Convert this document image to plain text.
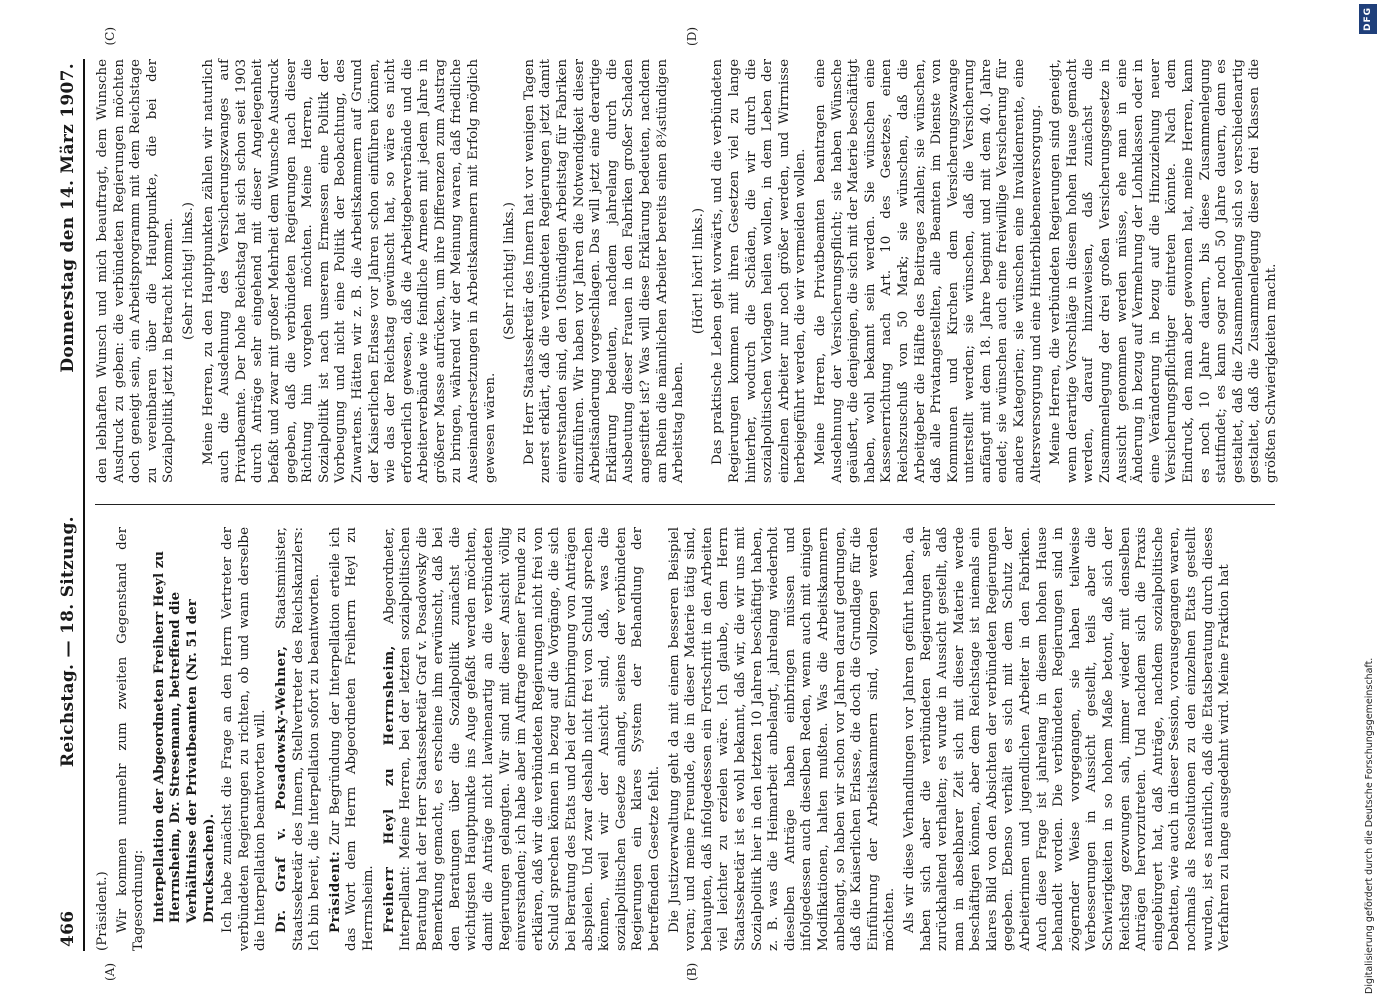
466
Reichstag. — 18. Sitzung.
Donnerstag den 14. März 1907.
(A)	(B)
(C)	(D)

(Präsident.) Wir kommen nunmehr zum zweiten Gegenstand der Tagesordnung: Interpellation der Abgeordneten Freiherr Heyl zu Herrnsheim, Dr. Stresemann, betreffend die Verhältnisse der Privatbeamten (Nr. 51 der Drucksachen). Ich habe zunächst die Frage an den Herrn Vertreter der verbündeten Regierungen zu richten, ob und wann derselbe die Interpellation beantworten will. Dr. Graf v. Posadowsky-Wehner, Staatsminister, Staatssekretär des Innern, Stellvertreter des Reichskanzlers: Ich bin bereit, die Interpellation sofort zu beantworten. Präsident: Zur Begründung der Interpellation erteile ich das Wort dem Herrn Abgeordneten Freiherrn Heyl zu Herrnsheim. Freiherr Heyl zu Herrnsheim, Abgeordneter, Interpellant: Meine Herren, bei der letzten sozialpolitischen Beratung hat der Herr Staatssekretär Graf v. Posadowsky die Bemerkung gemacht, es erscheine ihm erwünscht, daß bei den Beratungen über die Sozialpolitik zunächst die wichtigsten Hauptpunkte ins Auge gefaßt werden möchten, damit die Anträge nicht lawinenartig an die verbündeten Regierungen gelangten. Wir sind mit dieser Ansicht völlig einverstanden; ich habe aber im Auftrage meiner Freunde zu erklären, daß wir die verbündeten Regierungen nicht frei von Schuld sprechen können in bezug auf die Vorgänge, die sich bei Beratung des Etats und bei der Einbringung von Anträgen abspielen. Und zwar deshalb nicht frei von Schuld sprechen können, weil wir der Ansicht sind, daß, was die sozialpolitischen Gesetze anlangt, seitens der verbündeten Regierungen ein klares System der Behandlung der betreffenden Gesetze fehlt. Die Justizverwaltung geht da mit einem besseren Beispiel voran; und meine Freunde, die in dieser Materie tätig sind, behaupten, daß infolgedessen ein Fortschritt in den Arbeiten viel leichter zu erzielen wäre. Ich glaube, dem Herrn Staatssekretär ist es wohl bekannt, daß wir, die wir uns mit Sozialpolitik hier in den letzten 10 Jahren beschäftigt haben, z. B. was die Heimarbeit anbelangt, jahrelang wiederholt dieselben Anträge haben einbringen müssen und infolgedessen auch dieselben Reden, wenn auch mit einigen Modifikationen, halten mußten. Was die Arbeitskammern anbelangt, so haben wir schon vor Jahren darauf gedrungen, daß die Kaiserlichen Erlasse, die doch die Grundlage für die Einführung der Arbeitskammern sind, vollzogen werden möchten. Als wir diese Verhandlungen vor Jahren geführt haben, da haben sich aber die verbündeten Regierungen sehr zurückhaltend verhalten; es wurde in Aussicht gestellt, daß man in absehbarer Zeit sich mit dieser Materie werde beschäftigen können, aber dem Reichstage ist niemals ein klares Bild von den Absichten der verbündeten Regierungen gegeben. Ebenso verhält es sich mit dem Schutz der Arbeiterinnen und jugendlichen Arbeiter in den Fabriken. Auch diese Frage ist jahrelang in diesem hohen Hause behandelt worden. Die verbündeten Regierungen sind in zögernder Weise vorgegangen, sie haben teilweise Verbesserungen in Aussicht gestellt, teils aber die Schwierigkeiten in so hohem Maße betont, daß sich der Reichstag gezwungen sah, immer wieder mit denselben Anträgen hervorzutreten. Und nachdem sich die Praxis eingebürgert hat, daß Anträge, nachdem sozialpolitische Debatten, wie auch in dieser Session, vorausgegangen waren, nochmals als Resolutionen zu den einzelnen Etats gestellt wurden, ist es natürlich, daß die Etatsberatung durch dieses Verfahren zu lange ausgedehnt wird. Meine Fraktion hat

den lebhaften Wunsch und mich beauftragt, dem Wunsche Ausdruck zu geben: die verbündeten Regierungen möchten doch geneigt sein, ein Arbeitsprogramm mit dem Reichstage zu vereinbaren über die Hauptpunkte, die bei der Sozialpolitik jetzt in Betracht kommen. (Sehr richtig! links.) Meine Herren, zu den Hauptpunkten zählen wir naturlich auch die Ausdehnung des Versicherungszwanges auf Privatbeamte. Der hohe Reichstag hat sich schon seit 1903 durch Anträge sehr eingehend mit dieser Angelegenheit befaßt und zwar mit großer Mehrheit dem Wunsche Ausdruck gegeben, daß die verbündeten Regierungen nach dieser Richtung hin vorgehen möchten. Meine Herren, die Sozialpolitik ist nach unserem Ermessen eine Politik der Vorbeugung und nicht eine Politik der Beobachtung, des Zuwartens. Hätten wir z. B. die Arbeitskammern auf Grund der Kaiserlichen Erlasse vor Jahren schon einführen können, wie das der Reichstag gewünscht hat, so wäre es nicht erforderlich gewesen, daß die Arbeitgeberverbände und die Arbeiterverbände wie feindliche Armeen mit jedem Jahre in größerer Masse aufrücken, um ihre Differenzen zum Austrag zu bringen, während wir der Meinung waren, daß friedliche Auseinandersetzungen in Arbeitskammern mit Erfolg möglich gewesen wären.

(Sehr richtig! links.) Der Herr Staatssekretär des Innern hat vor wenigen Tagen zuerst erklärt, daß die verbündeten Regierungen jetzt damit einverstanden sind, den 10stündigen Arbeitstag für Fabriken einzuführen. Wir haben vor Jahren die Notwendigkeit dieser Arbeitsänderung vorgeschlagen. Das will jetzt eine derartige Erklärung bedeuten, nachdem jahrelang durch die Ausbeutung dieser Frauen in den Fabriken großer Schaden angestiftet ist? Was will diese Erklärung bedeuten, nachdem am Rhein die männlichen Arbeiter bereits einen 8¾stündigen Arbeitstag haben.

(Hört! hört! links.) Das praktische Leben geht vorwärts, und die verbündeten Regierungen kommen mit ihren Gesetzen viel zu lange hinterher, wodurch die Schäden, die wir durch die sozialpolitischen Vorlagen heilen wollen, in dem Leben der einzelnen Arbeiter nur noch größer werden, und Wirrnisse herbeigeführt werden, die wir vermeiden wollen. Meine Herren, die Privatbeamten beantragen eine Ausdehnung der Versicherungspflicht; sie haben Wünsche geäußert, die denjenigen, die sich mit der Materie beschäftigt haben, wohl bekannt sein werden. Sie wünschen eine Kassenerrichtung nach Art. 10 des Gesetzes, einen Reichszuschuß von 50 Mark; sie wünschen, daß die Arbeitgeber die Hälfte des Beitrages zahlen; sie wünschen, daß alle Privatangestellten, alle Beamten im Dienste von Kommunen und Kirchen dem Versicherungszwange unterstellt werden; sie wünschen, daß die Versicherung anfängt mit dem 18. Jahre beginnt und mit dem 40. Jahre endet; sie wünschen auch eine freiwillige Versicherung für andere Kategorien; sie wünschen eine Invalidenrente, eine Altersversorgung und eine Hinterbliebenenversorgung. Meine Herren, die verbündeten Regierungen sind geneigt, wenn derartige Vorschläge in diesem hohen Hause gemacht werden, darauf hinzuweisen, daß zunächst die Zusammenlegung der drei großen Versicherungsgesetze in Aussicht genommen werden müsse, ehe man in eine Änderung in bezug auf Vermehrung der Lohnklassen oder in eine Veränderung in bezug auf die Hinzuziehung neuer Versicherungspflichtiger eintreten könnte. Nach dem Eindruck, den man aber gewonnen hat, meine Herren, kann es noch 10 Jahre dauern, bis diese Zusammenlegung stattfindet; es kann sogar noch 50 Jahre dauern, denn es gestaltet, daß die Zusammenlegung sich so verschiedenartig gestaltet, daß die Zusammenlegung dieser drei Klassen die größten Schwierigkeiten macht.

DFG
Digitalisierung gefördert durch die Deutsche Forschungsgemeinschaft.
